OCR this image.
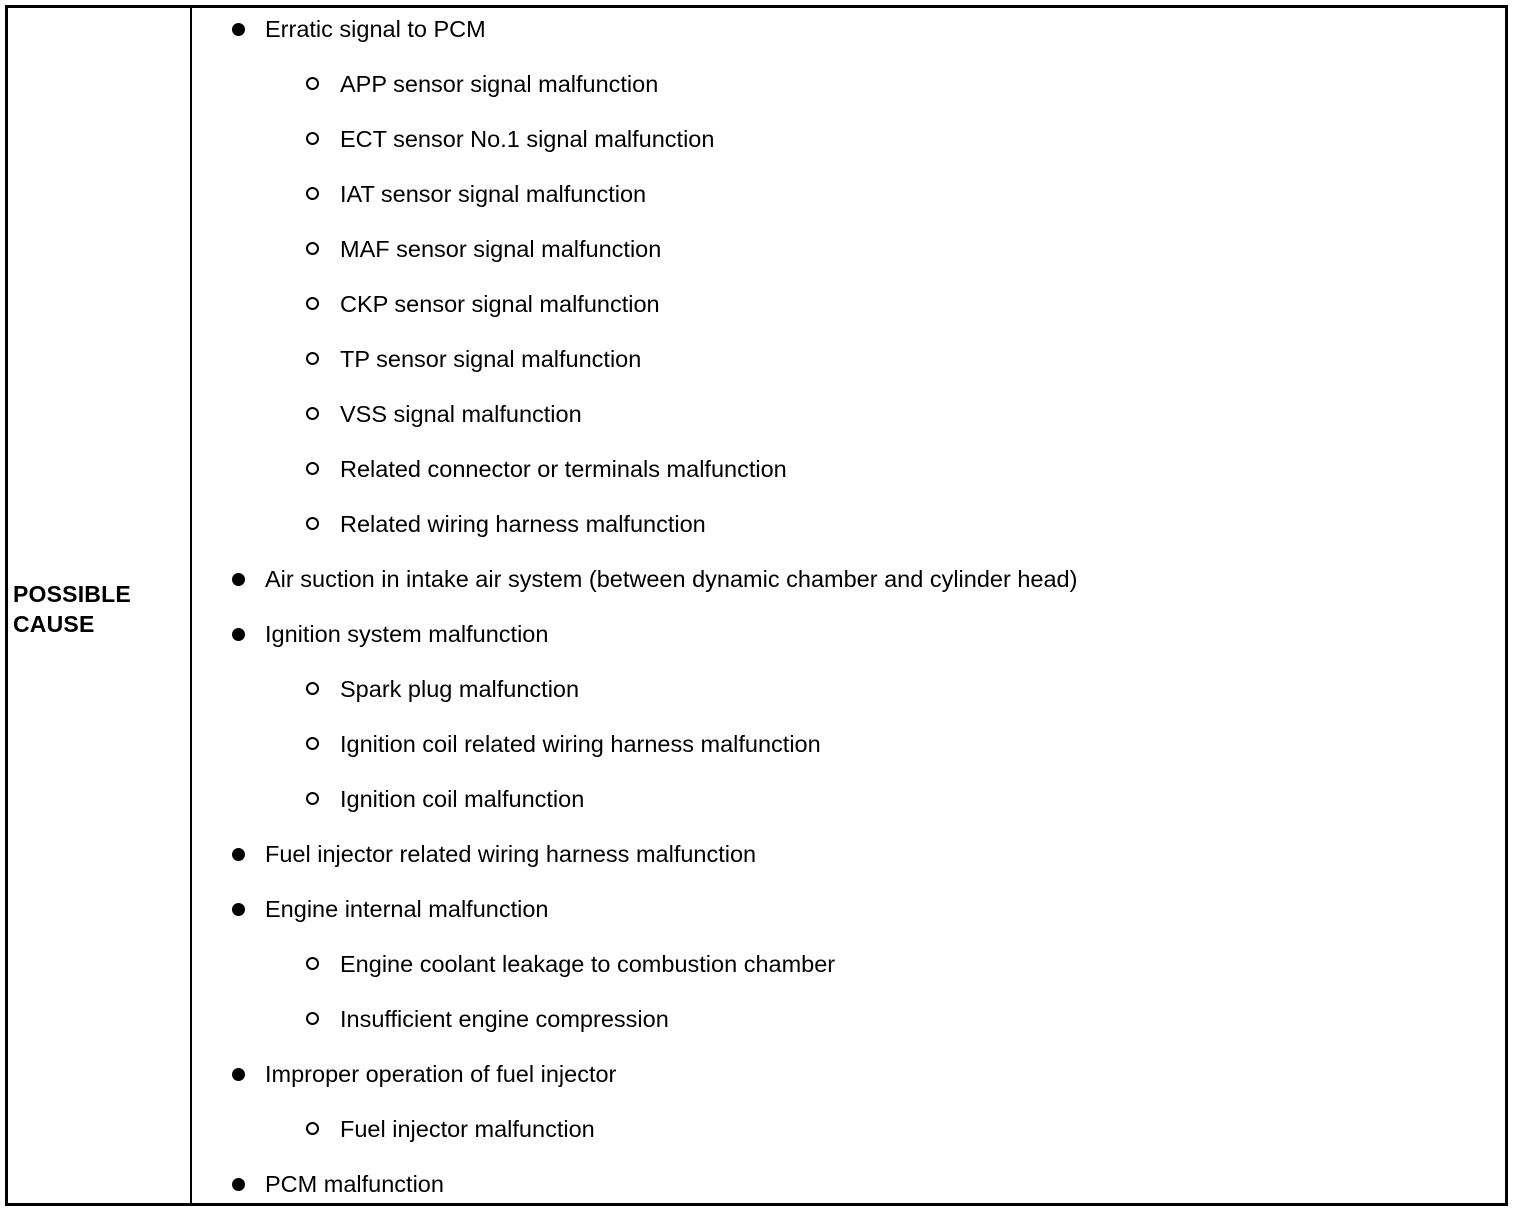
POSSIBLE
CAUSE
Erratic signal to PCM
APP sensor signal malfunction
ECT sensor No.1 signal malfunction
IAT sensor signal malfunction
MAF sensor signal malfunction
CKP sensor signal malfunction
TP sensor signal malfunction
VSS signal malfunction
Related connector or terminals malfunction
Related wiring harness malfunction
Air suction in intake air system (between dynamic chamber and cylinder head)
Ignition system malfunction
Spark plug malfunction
Ignition coil related wiring harness malfunction
Ignition coil malfunction
Fuel injector related wiring harness malfunction
Engine internal malfunction
Engine coolant leakage to combustion chamber
Insufficient engine compression
Improper operation of fuel injector
Fuel injector malfunction
PCM malfunction
